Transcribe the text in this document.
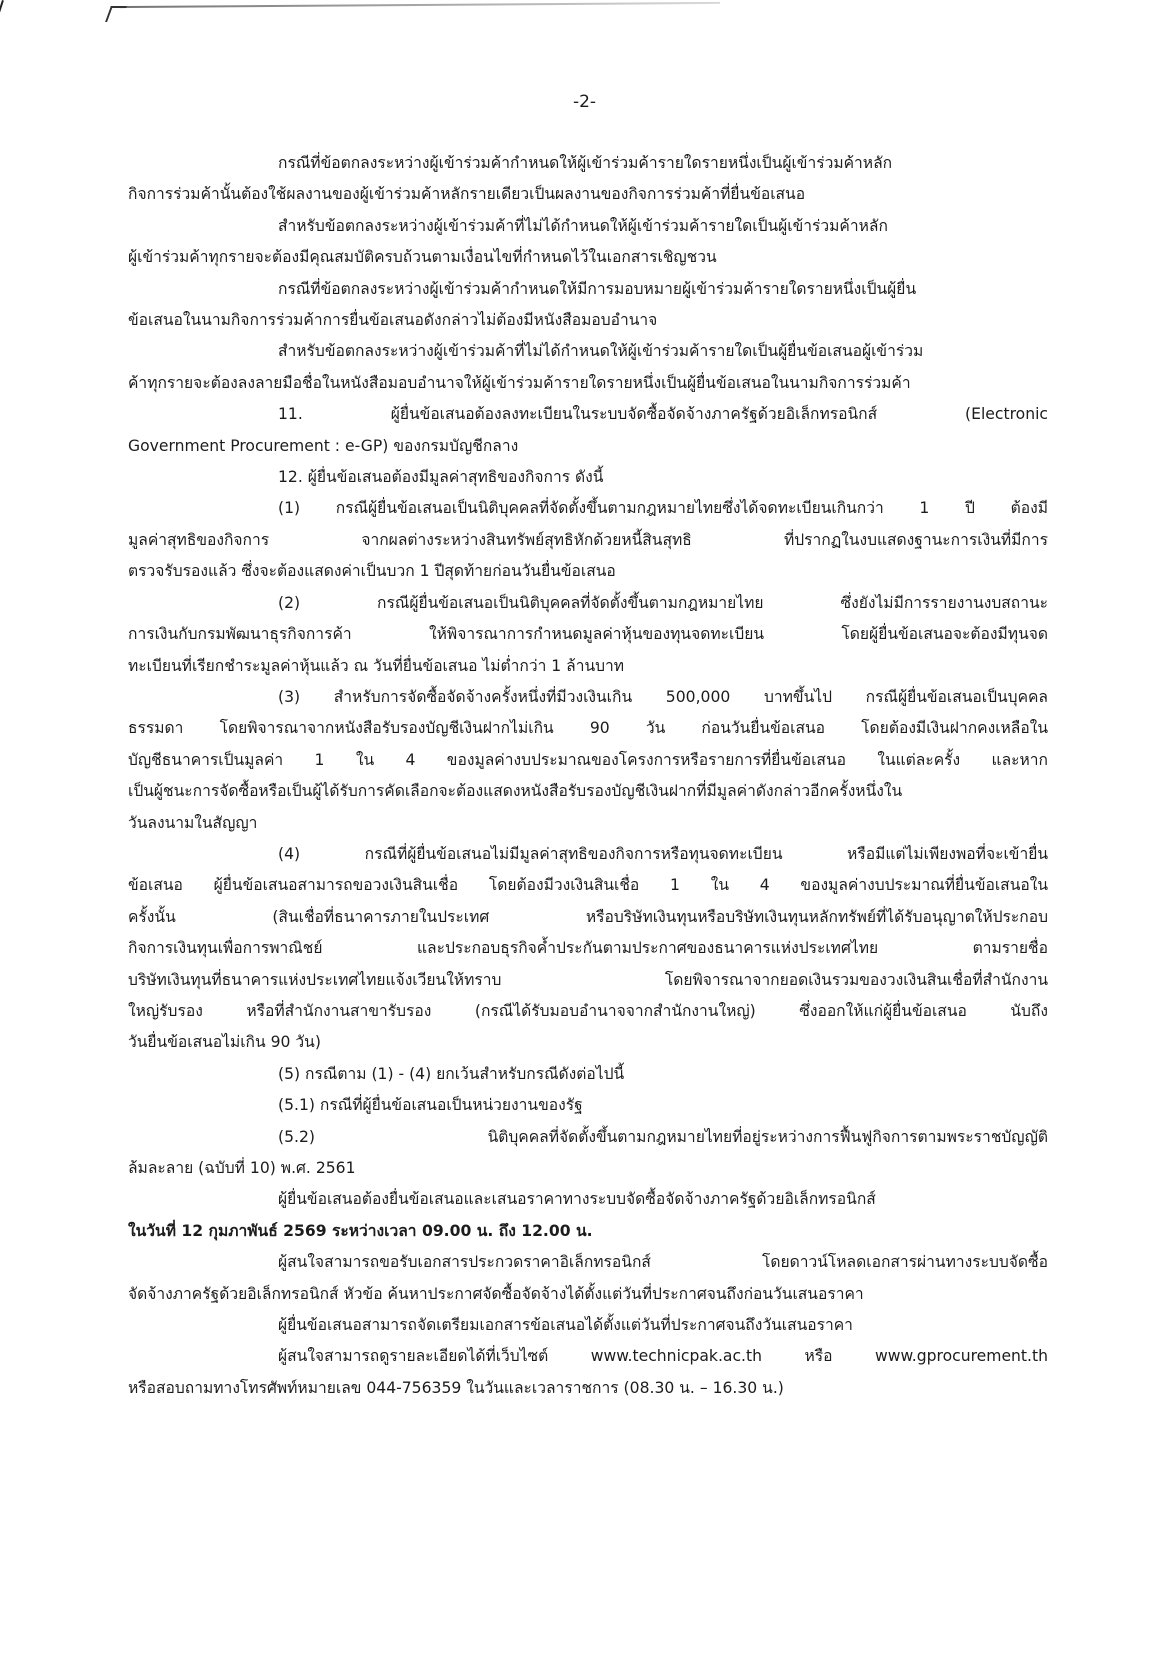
-2-
กรณีที่ข้อตกลงระหว่างผู้เข้าร่วมค้ากำหนดให้ผู้เข้าร่วมค้ารายใดรายหนึ่งเป็นผู้เข้าร่วมค้าหลัก
กิจการร่วมค้านั้นต้องใช้ผลงานของผู้เข้าร่วมค้าหลักรายเดียวเป็นผลงานของกิจการร่วมค้าที่ยื่นข้อเสนอ
สำหรับข้อตกลงระหว่างผู้เข้าร่วมค้าที่ไม่ได้กำหนดให้ผู้เข้าร่วมค้ารายใดเป็นผู้เข้าร่วมค้าหลัก
ผู้เข้าร่วมค้าทุกรายจะต้องมีคุณสมบัติครบถ้วนตามเงื่อนไขที่กำหนดไว้ในเอกสารเชิญชวน
กรณีที่ข้อตกลงระหว่างผู้เข้าร่วมค้ากำหนดให้มีการมอบหมายผู้เข้าร่วมค้ารายใดรายหนึ่งเป็นผู้ยื่น
ข้อเสนอในนามกิจการร่วมค้าการยื่นข้อเสนอดังกล่าวไม่ต้องมีหนังสือมอบอำนาจ
สำหรับข้อตกลงระหว่างผู้เข้าร่วมค้าที่ไม่ได้กำหนดให้ผู้เข้าร่วมค้ารายใดเป็นผู้ยื่นข้อเสนอผู้เข้าร่วม
ค้าทุกรายจะต้องลงลายมือชื่อในหนังสือมอบอำนาจให้ผู้เข้าร่วมค้ารายใดรายหนึ่งเป็นผู้ยื่นข้อเสนอในนามกิจการร่วมค้า
11. ผู้ยื่นข้อเสนอต้องลงทะเบียนในระบบจัดซื้อจัดจ้างภาครัฐด้วยอิเล็กทรอนิกส์ (Electronic
Government Procurement : e-GP) ของกรมบัญชีกลาง
12. ผู้ยื่นข้อเสนอต้องมีมูลค่าสุทธิของกิจการ ดังนี้
(1) กรณีผู้ยื่นข้อเสนอเป็นนิติบุคคลที่จัดตั้งขึ้นตามกฎหมายไทยซึ่งได้จดทะเบียนเกินกว่า 1 ปี ต้องมี
มูลค่าสุทธิของกิจการ จากผลต่างระหว่างสินทรัพย์สุทธิหักด้วยหนี้สินสุทธิ ที่ปรากฏในงบแสดงฐานะการเงินที่มีการ
ตรวจรับรองแล้ว ซึ่งจะต้องแสดงค่าเป็นบวก 1 ปีสุดท้ายก่อนวันยื่นข้อเสนอ
(2) กรณีผู้ยื่นข้อเสนอเป็นนิติบุคคลที่จัดตั้งขึ้นตามกฎหมายไทย ซึ่งยังไม่มีการรายงานงบสถานะ
การเงินกับกรมพัฒนาธุรกิจการค้า ให้พิจารณาการกำหนดมูลค่าหุ้นของทุนจดทะเบียน โดยผู้ยื่นข้อเสนอจะต้องมีทุนจด
ทะเบียนที่เรียกชำระมูลค่าหุ้นแล้ว ณ วันที่ยื่นข้อเสนอ ไม่ต่ำกว่า 1 ล้านบาท
(3) สำหรับการจัดซื้อจัดจ้างครั้งหนึ่งที่มีวงเงินเกิน 500,000 บาทขึ้นไป กรณีผู้ยื่นข้อเสนอเป็นบุคคล
ธรรมดา โดยพิจารณาจากหนังสือรับรองบัญชีเงินฝากไม่เกิน 90 วัน ก่อนวันยื่นข้อเสนอ โดยต้องมีเงินฝากคงเหลือใน
บัญชีธนาคารเป็นมูลค่า 1 ใน 4 ของมูลค่างบประมาณของโครงการหรือรายการที่ยื่นข้อเสนอ ในแต่ละครั้ง และหาก
เป็นผู้ชนะการจัดซื้อหรือเป็นผู้ได้รับการคัดเลือกจะต้องแสดงหนังสือรับรองบัญชีเงินฝากที่มีมูลค่าดังกล่าวอีกครั้งหนึ่งใน
วันลงนามในสัญญา
(4) กรณีที่ผู้ยื่นข้อเสนอไม่มีมูลค่าสุทธิของกิจการหรือทุนจดทะเบียน หรือมีแต่ไม่เพียงพอที่จะเข้ายื่น
ข้อเสนอ ผู้ยื่นข้อเสนอสามารถขอวงเงินสินเชื่อ โดยต้องมีวงเงินสินเชื่อ 1 ใน 4 ของมูลค่างบประมาณที่ยื่นข้อเสนอใน
ครั้งนั้น (สินเชื่อที่ธนาคารภายในประเทศ หรือบริษัทเงินทุนหรือบริษัทเงินทุนหลักทรัพย์ที่ได้รับอนุญาตให้ประกอบ
กิจการเงินทุนเพื่อการพาณิชย์ และประกอบธุรกิจค้ำประกันตามประกาศของธนาคารแห่งประเทศไทย ตามรายชื่อ
บริษัทเงินทุนที่ธนาคารแห่งประเทศไทยแจ้งเวียนให้ทราบ โดยพิจารณาจากยอดเงินรวมของวงเงินสินเชื่อที่สำนักงาน
ใหญ่รับรอง หรือที่สำนักงานสาขารับรอง (กรณีได้รับมอบอำนาจจากสำนักงานใหญ่) ซึ่งออกให้แก่ผู้ยื่นข้อเสนอ นับถึง
วันยื่นข้อเสนอไม่เกิน 90 วัน)
(5) กรณีตาม (1) - (4) ยกเว้นสำหรับกรณีดังต่อไปนี้
(5.1) กรณีที่ผู้ยื่นข้อเสนอเป็นหน่วยงานของรัฐ
(5.2) นิติบุคคลที่จัดตั้งขึ้นตามกฎหมายไทยที่อยู่ระหว่างการฟื้นฟูกิจการตามพระราชบัญญัติ
ล้มละลาย (ฉบับที่ 10) พ.ศ. 2561
ผู้ยื่นข้อเสนอต้องยื่นข้อเสนอและเสนอราคาทางระบบจัดซื้อจัดจ้างภาครัฐด้วยอิเล็กทรอนิกส์
ในวันที่ 12 กุมภาพันธ์ 2569 ระหว่างเวลา 09.00 น. ถึง 12.00 น.
ผู้สนใจสามารถขอรับเอกสารประกวดราคาอิเล็กทรอนิกส์ โดยดาวน์โหลดเอกสารผ่านทางระบบจัดซื้อ
จัดจ้างภาครัฐด้วยอิเล็กทรอนิกส์ หัวข้อ ค้นหาประกาศจัดซื้อจัดจ้างได้ตั้งแต่วันที่ประกาศจนถึงก่อนวันเสนอราคา
ผู้ยื่นข้อเสนอสามารถจัดเตรียมเอกสารข้อเสนอได้ตั้งแต่วันที่ประกาศจนถึงวันเสนอราคา
ผู้สนใจสามารถดูรายละเอียดได้ที่เว็บไซต์ www.technicpak.ac.th หรือ www.gprocurement.th
หรือสอบถามทางโทรศัพท์หมายเลข 044-756359 ในวันและเวลาราชการ (08.30 น. – 16.30 น.)
